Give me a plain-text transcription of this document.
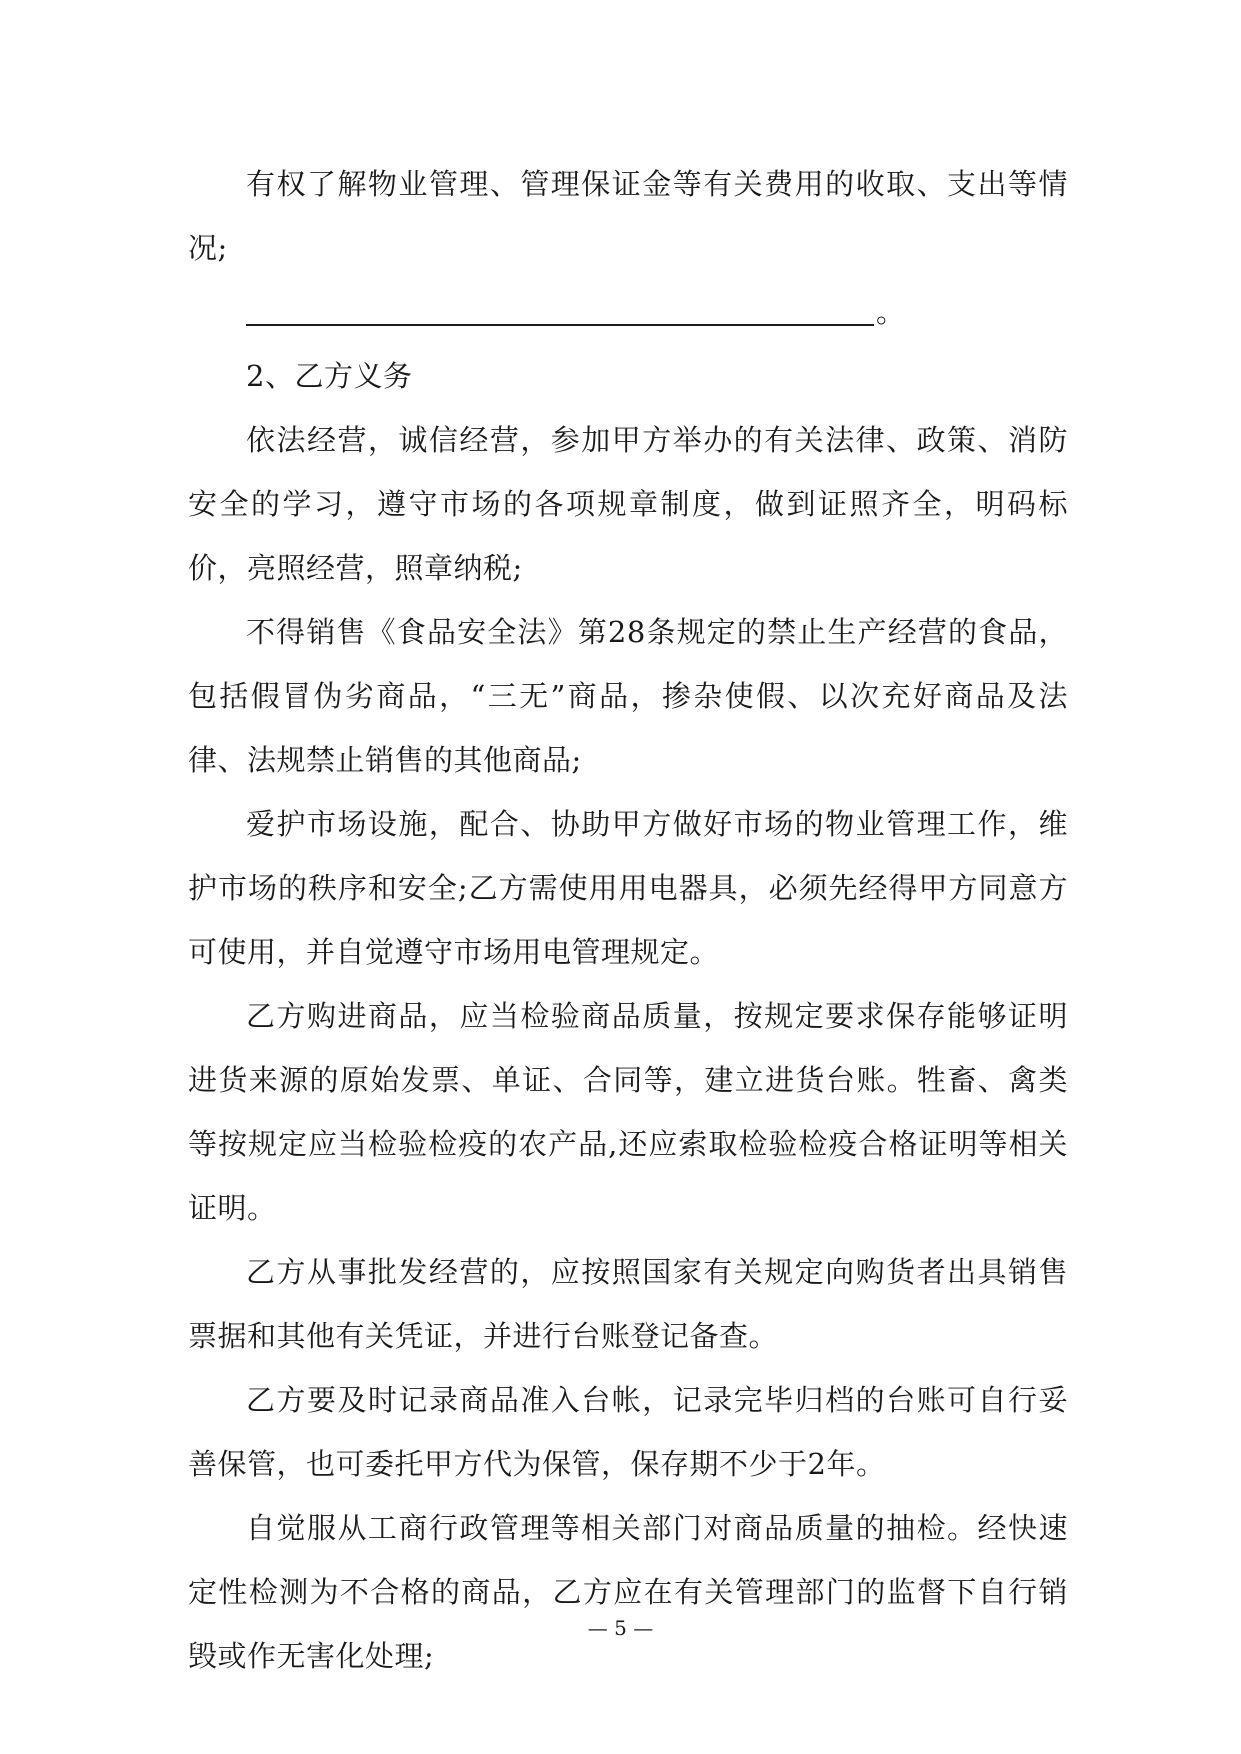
有权了解物业管理、管理保证金等有关费用的收取、支出等情况;

。

2、乙方义务

依法经营，诚信经营，参加甲方举办的有关法律、政策、消防安全的学习，遵守市场的各项规章制度，做到证照齐全，明码标价，亮照经营，照章纳税;

不得销售《食品安全法》第28条规定的禁止生产经营的食品，包括假冒伪劣商品，“三无”商品，掺杂使假、以次充好商品及法律、法规禁止销售的其他商品;

爱护市场设施，配合、协助甲方做好市场的物业管理工作，维护市场的秩序和安全;乙方需使用用电器具，必须先经得甲方同意方可使用，并自觉遵守市场用电管理规定。

乙方购进商品，应当检验商品质量，按规定要求保存能够证明进货来源的原始发票、单证、合同等，建立进货台账。牲畜、禽类等按规定应当检验检疫的农产品,还应索取检验检疫合格证明等相关证明。

乙方从事批发经营的，应按照国家有关规定向购货者出具销售票据和其他有关凭证，并进行台账登记备查。

乙方要及时记录商品准入台帐，记录完毕归档的台账可自行妥善保管，也可委托甲方代为保管，保存期不少于2年。

自觉服从工商行政管理等相关部门对商品质量的抽检。经快速定性检测为不合格的商品，乙方应在有关管理部门的监督下自行销毁或作无害化处理;

— 5 —
